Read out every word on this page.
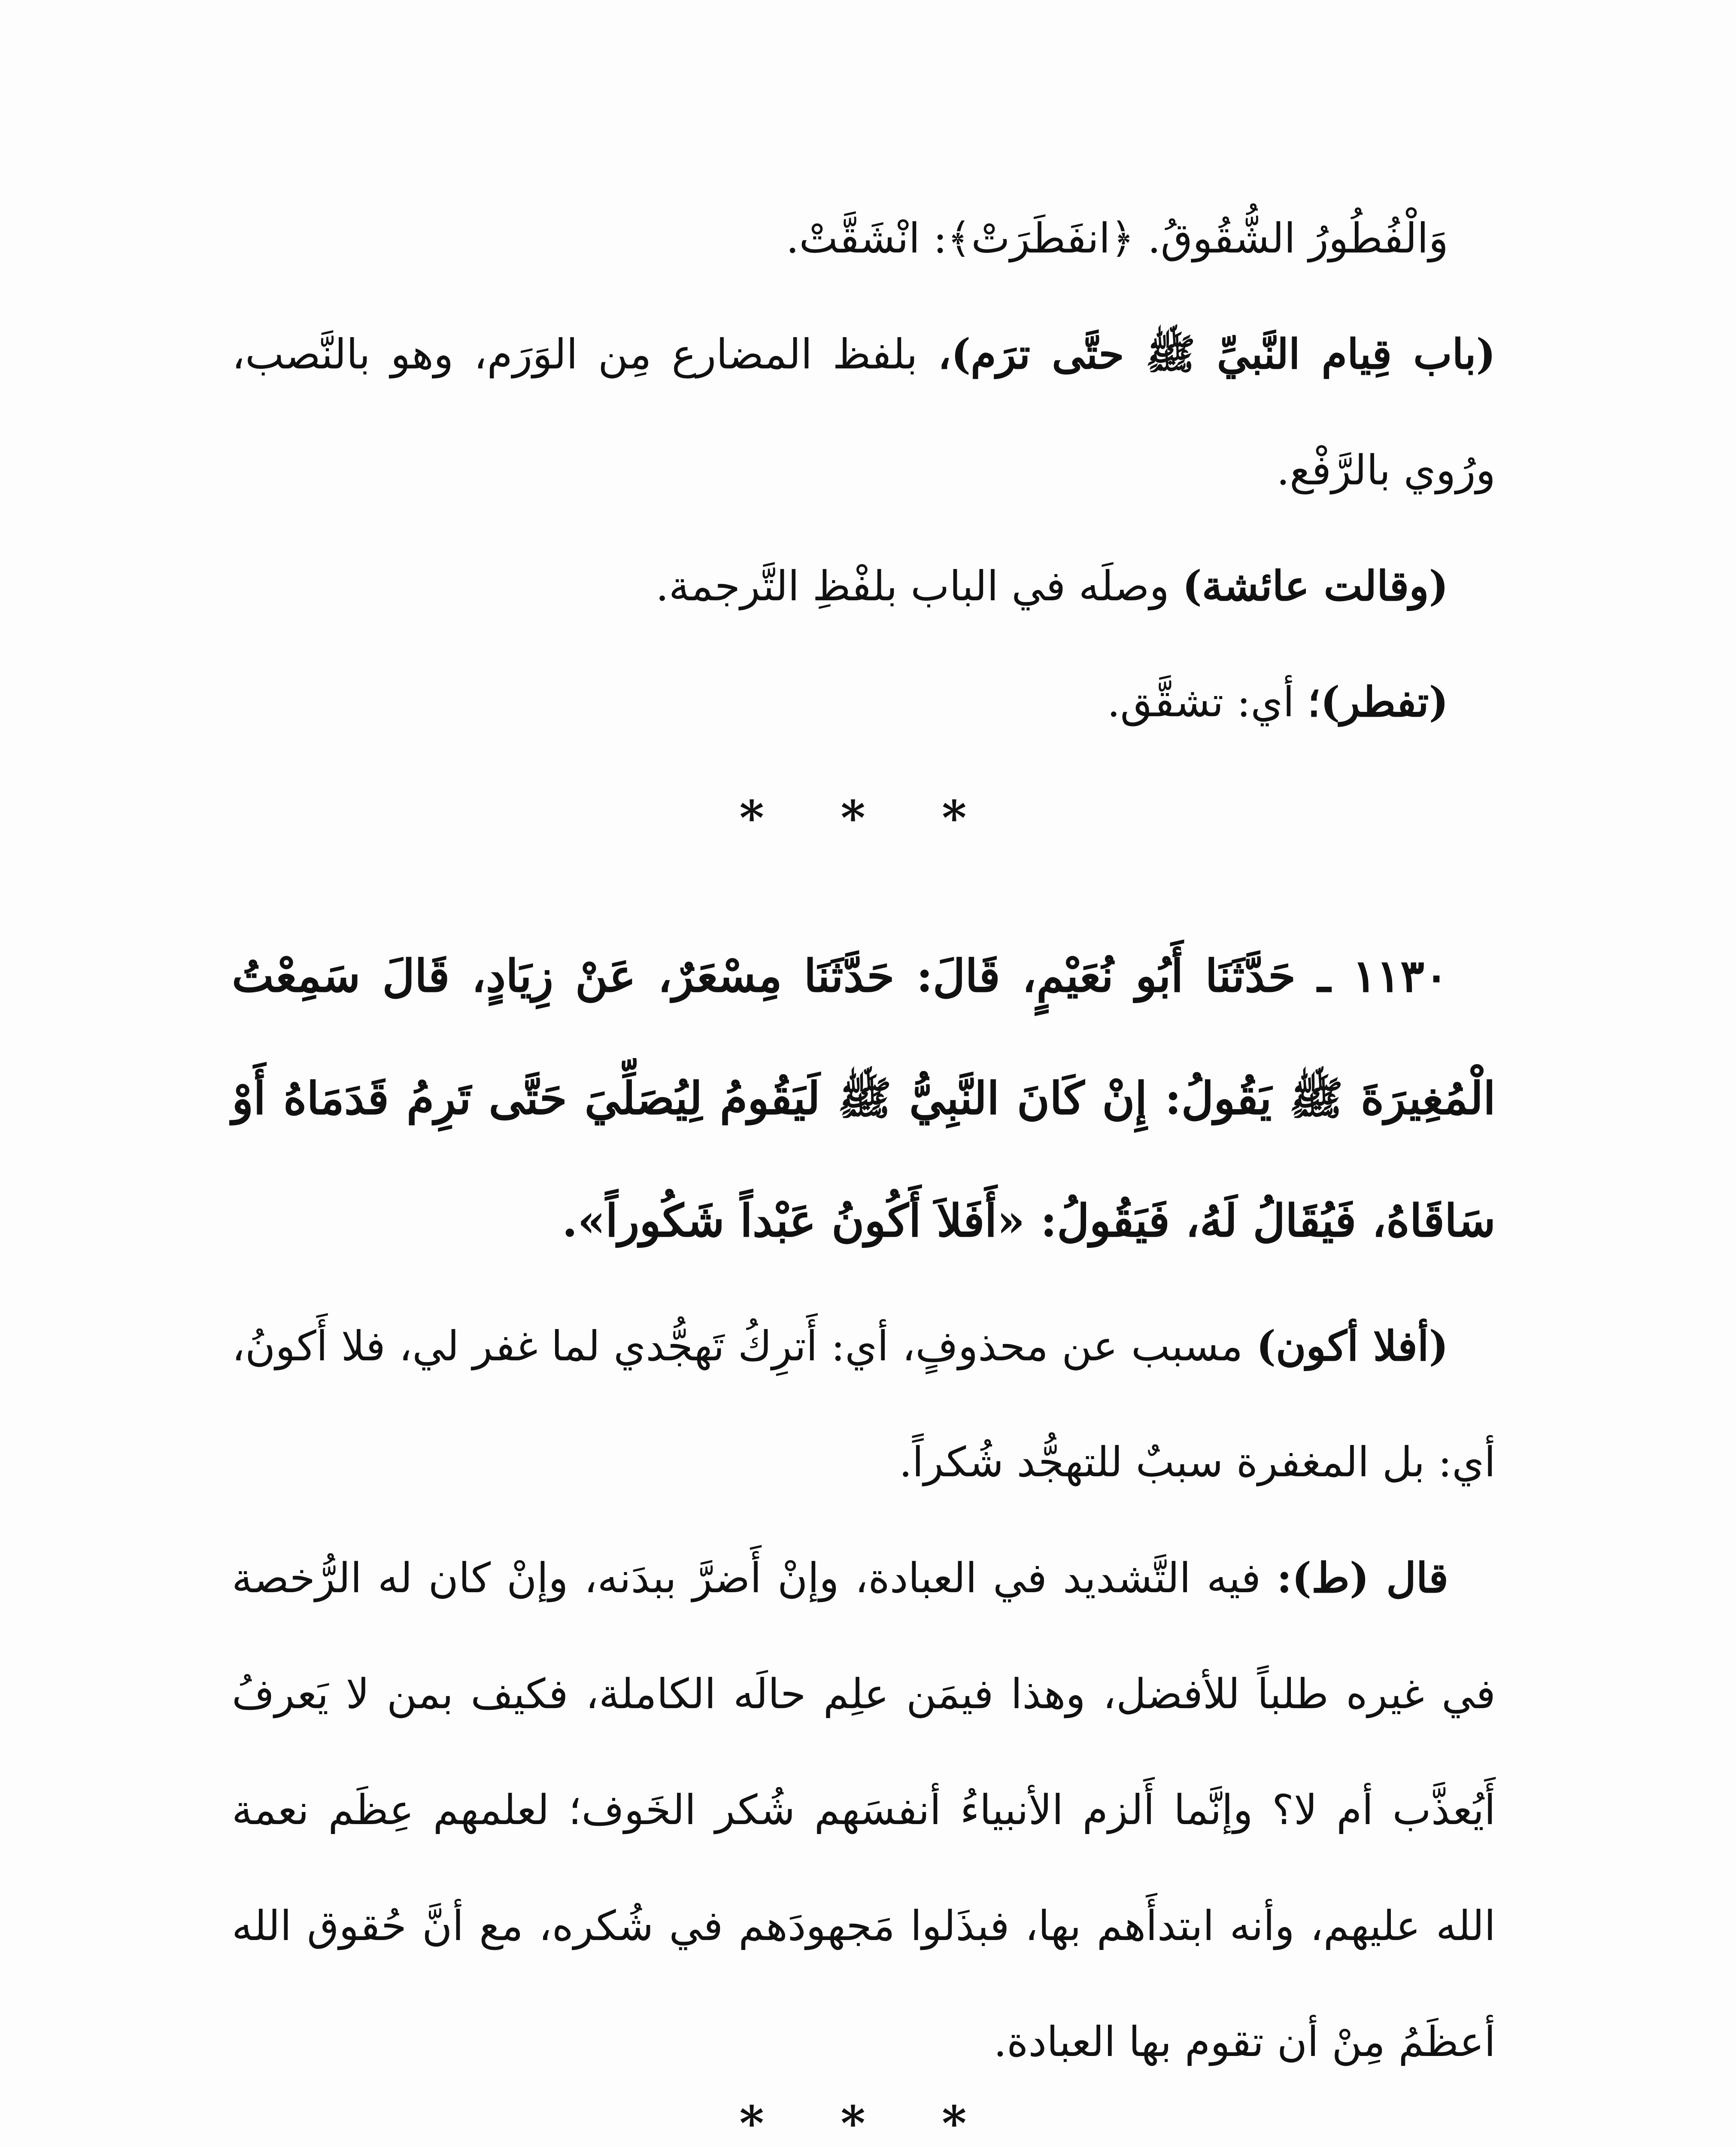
وَالْفُطُورُ الشُّقُوقُ. ﴿انفَطَرَتْ﴾: انْشَقَّتْ.

(باب قِيام النَّبيِّ ﷺ حتَّى ترَم)، بلفظ المضارع مِن الوَرَم، وهو بالنَّصب، ورُوي بالرَّفْع.

(وقالت عائشة) وصلَه في الباب بلفْظِ التَّرجمة.

(تفطر)؛ أي: تشقَّق.

* * *

١١٣٠ ـ حَدَّثَنَا أَبُو نُعَيْمٍ، قَالَ: حَدَّثَنَا مِسْعَرٌ، عَنْ زِيَادٍ، قَالَ سَمِعْتُ الْمُغِيرَةَ ﷺ يَقُولُ: إِنْ كَانَ النَّبِيُّ ﷺ لَيَقُومُ لِيُصَلِّيَ حَتَّى تَرِمُ قَدَمَاهُ أَوْ سَاقَاهُ، فَيُقَالُ لَهُ، فَيَقُولُ: «أَفَلاَ أَكُونُ عَبْداً شَكُوراً».

(أفلا أكون) مسبب عن محذوفٍ، أي: أَترِكُ تَهجُّدي لما غفر لي، فلا أَكونُ، أي: بل المغفرة سببٌ للتهجُّد شُكراً.

قال (ط): فيه التَّشديد في العبادة، وإنْ أَضرَّ ببدَنه، وإنْ كان له الرُّخصة في غيره طلباً للأفضل، وهذا فيمَن علِم حالَه الكاملة، فكيف بمن لا يَعرفُ أَيُعذَّب أم لا؟ وإنَّما أَلزم الأنبياءُ أنفسَهم شُكر الخَوف؛ لعلمهم عِظَم نعمة الله عليهم، وأنه ابتدأَهم بها، فبذَلوا مَجهودَهم في شُكره، مع أنَّ حُقوق الله أعظَمُ مِنْ أن تقوم بها العبادة.

* * *
